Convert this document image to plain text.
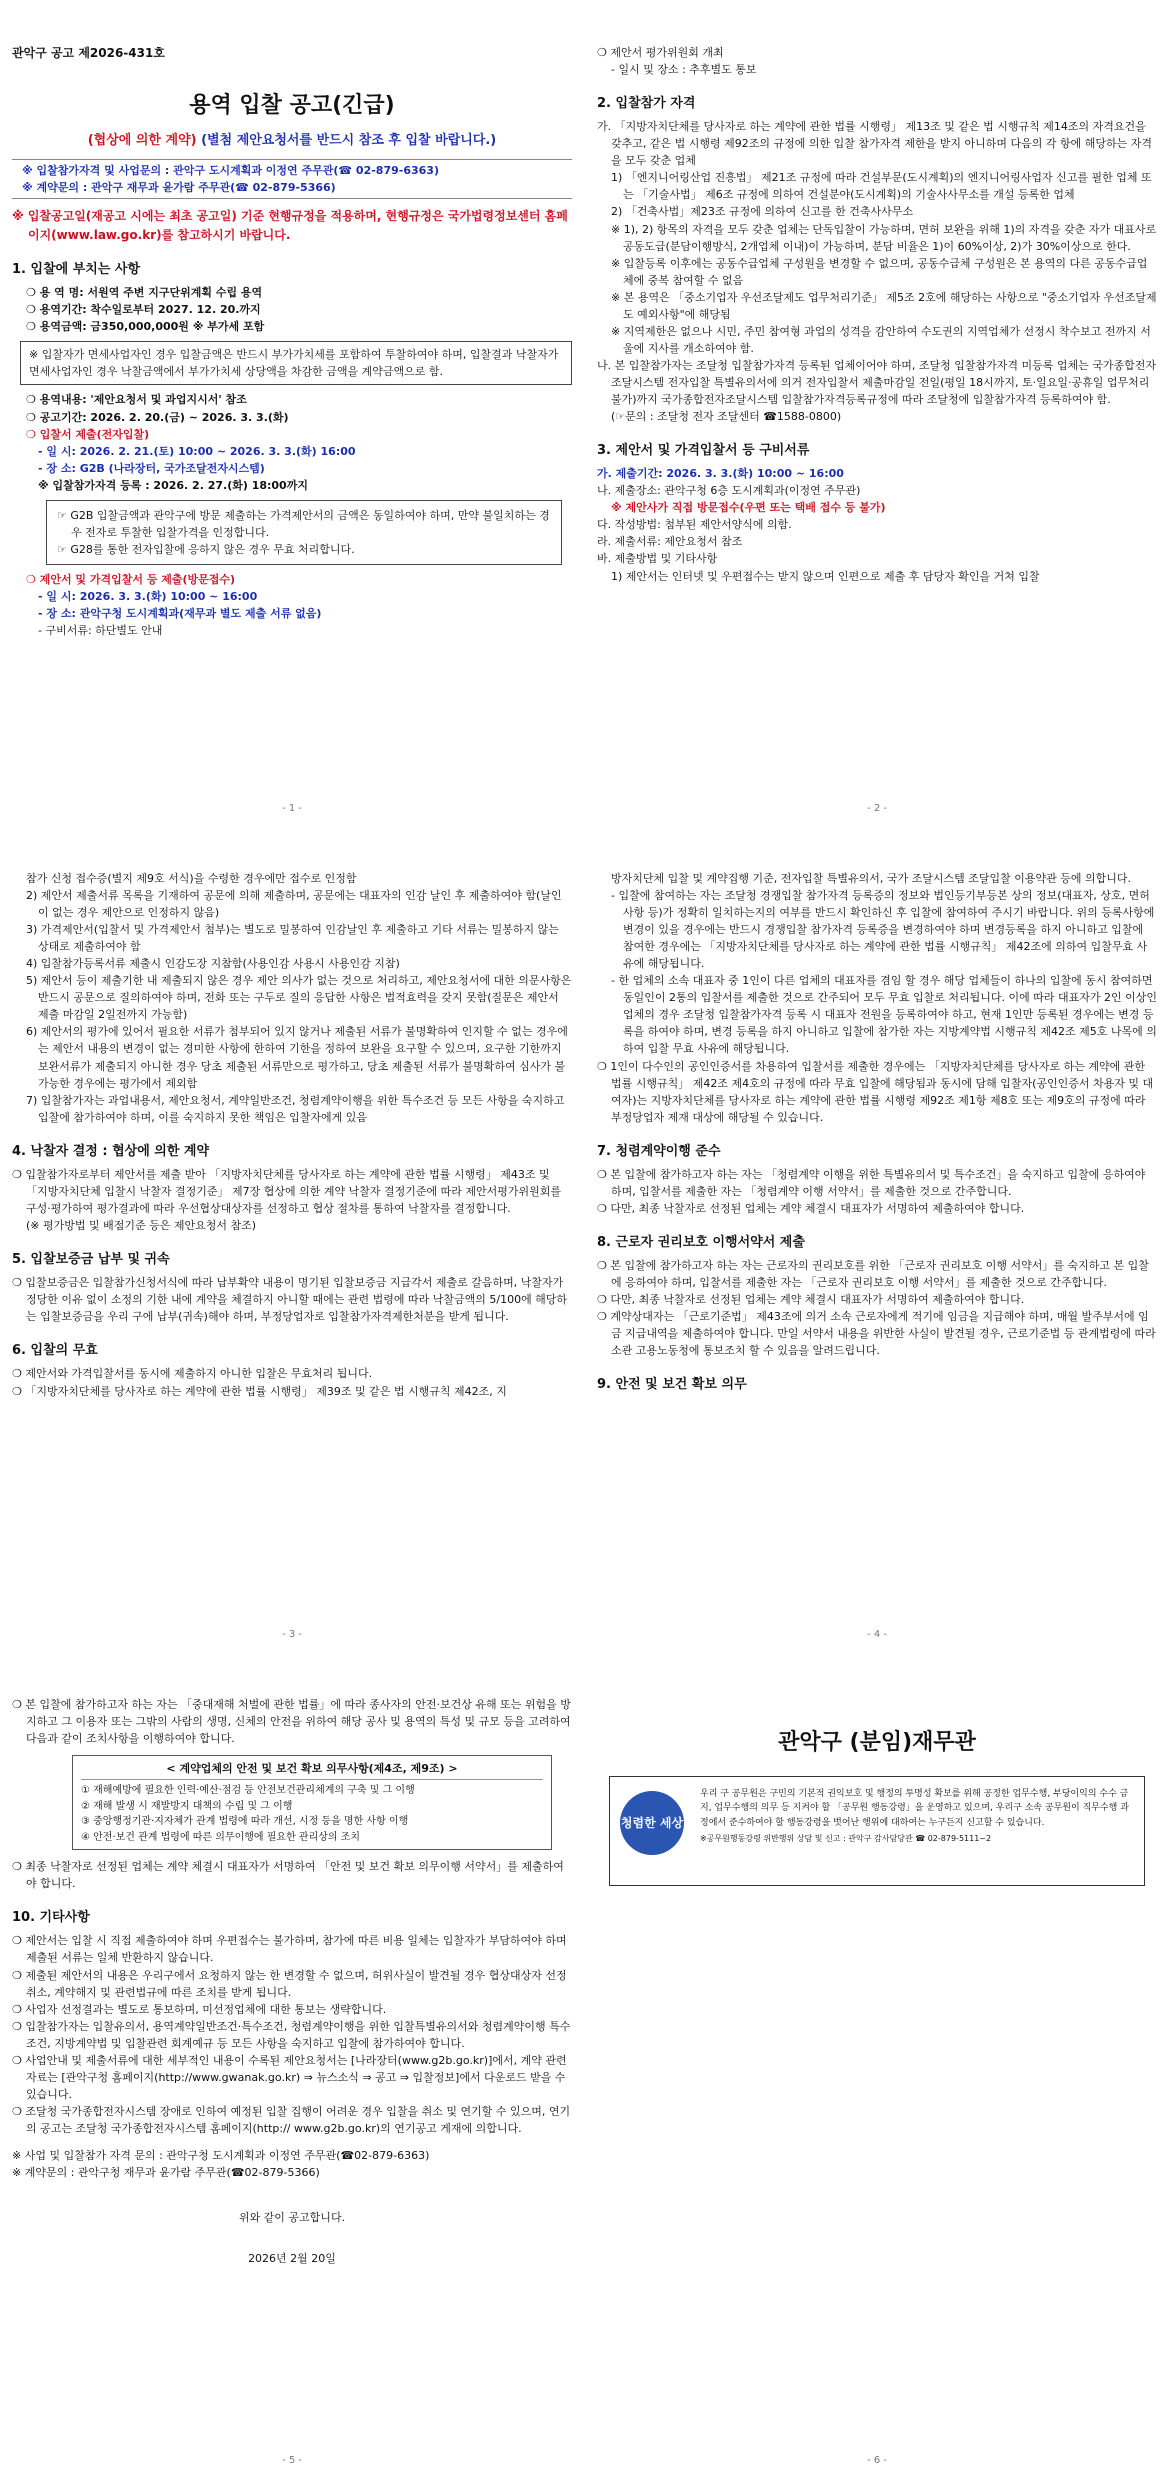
관악구 공고 제2026-431호
용역 입찰 공고(긴급)
(협상에 의한 계약) (별첨 제안요청서를 반드시 참조 후 입찰 바랍니다.)
※ 입찰참가자격 및 사업문의 : 관악구 도시계획과 이정연 주무관(☎ 02-879-6363)
※ 계약문의 : 관악구 재무과 윤가람 주무관(☎ 02-879-5366)
※ 입찰공고일(재공고 시에는 최초 공고일) 기준 현행규정을 적용하며, 현행규정은 국가법령정보센터 홈페이지(www.law.go.kr)를 참고하시기 바랍니다.
1. 입찰에 부치는 사항
❍ 용 역 명: 서원역 주변 지구단위계획 수립 용역
❍ 용역기간: 착수일로부터 2027. 12. 20.까지
❍ 용역금액: 금350,000,000원 ※ 부가세 포함
※ 입찰자가 면세사업자인 경우 입찰금액은 반드시 부가가치세를 포함하여 투찰하여야 하며, 입찰결과 낙찰자가 면세사업자인 경우 낙찰금액에서 부가가치세 상당액을 차감한 금액을 계약금액으로 함.
❍ 용역내용: '제안요청서 및 과업지시서' 참조
❍ 공고기간: 2026. 2. 20.(금) ~ 2026. 3. 3.(화)
❍ 입찰서 제출(전자입찰)
- 일 시: 2026. 2. 21.(토) 10:00 ~ 2026. 3. 3.(화) 16:00
- 장 소: G2B (나라장터, 국가조달전자시스템)
※ 입찰참가자격 등록 : 2026. 2. 27.(화) 18:00까지
☞ G2B 입찰금액과 관악구에 방문 제출하는 가격제안서의 금액은 동일하여야 하며, 만약 불일치하는 경우 전자로 투찰한 입찰가격을 인정합니다.
☞ G28를 통한 전자입찰에 응하지 않은 경우 무효 처리합니다.
❍ 제안서 및 가격입찰서 등 제출(방문접수)
- 일 시: 2026. 3. 3.(화) 10:00 ~ 16:00
- 장 소: 관악구청 도시계획과(재무과 별도 제출 서류 없음)
- 구비서류: 하단별도 안내
- 1 -
❍ 제안서 평가위원회 개최
- 일시 및 장소 : 추후별도 통보
2. 입찰참가 자격
가. 「지방자치단체를 당사자로 하는 계약에 관한 법률 시행령」 제13조 및 같은 법 시행규칙 제14조의 자격요건을 갖추고, 같은 법 시행령 제92조의 규정에 의한 입찰 참가자격 제한을 받지 아니하며 다음의 각 항에 해당하는 자격을 모두 갖춘 업체
1) 「엔지니어링산업 진흥법」 제21조 규정에 따라 건설부문(도시계획)의 엔지니어링사업자 신고를 필한 업체 또는 「기술사법」 제6조 규정에 의하여 건설분야(도시계획)의 기술사사무소를 개설 등록한 업체
2) 「건축사법」제23조 규정에 의하여 신고를 한 건축사사무소
※ 1), 2) 항목의 자격을 모두 갖춘 업체는 단독입찰이 가능하며, 면허 보완을 위해 1)의 자격을 갖춘 자가 대표사로 공동도급(분담이행방식, 2개업체 이내)이 가능하며, 분담 비율은 1)이 60%이상, 2)가 30%이상으로 한다.
※ 입찰등록 이후에는 공동수급업체 구성원을 변경할 수 없으며, 공동수급체 구성원은 본 용역의 다른 공동수급업체에 중복 참여할 수 없음
※ 본 용역은 「중소기업자 우선조달제도 업무처리기준」 제5조 2호에 해당하는 사항으로 "중소기업자 우선조달제도 예외사항"에 해당됨
※ 지역제한은 없으나 시민, 주민 참여형 과업의 성격을 감안하여 수도권의 지역업체가 선정시 착수보고 전까지 서울에 지사를 개소하여야 함.
나. 본 입찰참가자는 조달청 입찰참가자격 등록된 업체이어야 하며, 조달청 입찰참가자격 미등록 업체는 국가종합전자조달시스템 전자입찰 특별유의서에 의거 전자입찰서 제출마감일 전일(평일 18시까지, 토·일요일·공휴일 업무처리 불가)까지 국가종합전자조달시스템 입찰참가자격등록규정에 따라 조달청에 입찰참가자격 등록하여야 함.
(☞문의 : 조달청 전자 조달센터 ☎1588-0800)
3. 제안서 및 가격입찰서 등 구비서류
가. 제출기간: 2026. 3. 3.(화) 10:00 ~ 16:00
나. 제출장소: 관악구청 6층 도시계획과(이정연 주무관)
※ 제안사가 직접 방문접수(우편 또는 택배 접수 등 불가)
다. 작성방법: 첨부된 제안서양식에 의함.
라. 제출서류: 제안요청서 참조
바. 제출방법 및 기타사항
1) 제안서는 인터넷 및 우편접수는 받지 않으며 인편으로 제출 후 담당자 확인을 거쳐 입찰
- 2 -
참가 신청 접수증(별지 제9호 서식)을 수령한 경우에만 접수로 인정함
2) 제안서 제출서류 목록을 기재하여 공문에 의해 제출하며, 공문에는 대표자의 인감 날인 후 제출하여야 함(날인이 없는 경우 제안으로 인정하지 않음)
3) 가격제안서(입찰서 및 가격제안서 첨부)는 별도로 밀봉하여 인감날인 후 제출하고 기타 서류는 밀봉하지 않는 상태로 제출하여야 함
4) 입찰참가등록서류 제출시 인감도장 지참함(사용인감 사용시 사용인감 지참)
5) 제안서 등이 제출기한 내 제출되지 않은 경우 제안 의사가 없는 것으로 처리하고, 제안요청서에 대한 의문사항은 반드시 공문으로 질의하여야 하며, 전화 또는 구두로 질의 응답한 사항은 법적효력을 갖지 못함(질문은 제안서 제출 마감일 2일전까지 가능함)
6) 제안서의 평가에 있어서 필요한 서류가 첨부되어 있지 않거나 제출된 서류가 불명확하여 인지할 수 없는 경우에는 제안서 내용의 변경이 없는 경미한 사항에 한하여 기한을 정하여 보완을 요구할 수 있으며, 요구한 기한까지 보완서류가 제출되지 아니한 경우 당초 제출된 서류만으로 평가하고, 당초 제출된 서류가 불명확하여 심사가 불가능한 경우에는 평가에서 제외함
7) 입찰참가자는 과업내용서, 제안요청서, 계약일반조건, 청렴계약이행을 위한 특수조건 등 모든 사항을 숙지하고 입찰에 참가하여야 하며, 이를 숙지하지 못한 책임은 입찰자에게 있음
4. 낙찰자 결정 : 협상에 의한 계약
❍ 입찰참가자로부터 제안서를 제출 받아 「지방자치단체를 당사자로 하는 계약에 관한 법률 시행령」 제43조 및 「지방자치단체 입찰시 낙찰자 결정기준」 제7장 협상에 의한 계약 낙찰자 결정기준에 따라 제안서평가위원회를 구성·평가하여 평가결과에 따라 우선협상대상자를 선정하고 협상 절차를 통하여 낙찰자를 결정합니다.
(※ 평가방법 및 배점기준 등은 제안요청서 참조)
5. 입찰보증금 납부 및 귀속
❍ 입찰보증금은 입찰참가신청서식에 따라 납부확약 내용이 명기된 입찰보증금 지급각서 제출로 갈음하며, 낙찰자가 정당한 이유 없이 소정의 기한 내에 계약을 체결하지 아니할 때에는 관련 법령에 따라 낙찰금액의 5/100에 해당하는 입찰보증금을 우리 구에 납부(귀속)해야 하며, 부정당업자로 입찰참가자격제한처분을 받게 됩니다.
6. 입찰의 무효
❍ 제안서와 가격입찰서를 동시에 제출하지 아니한 입찰은 무효처리 됩니다.
❍ 「지방자치단체를 당사자로 하는 계약에 관한 법률 시행령」 제39조 및 같은 법 시행규칙 제42조, 지
- 3 -
방자치단체 입찰 및 계약집행 기준, 전자입찰 특별유의서, 국가 조달시스템 조달입찰 이용약관 등에 의합니다.
- 입찰에 참여하는 자는 조달청 경쟁입찰 참가자격 등록증의 정보와 법인등기부등본 상의 정보(대표자, 상호, 면허사항 등)가 정확히 일치하는지의 여부를 반드시 확인하신 후 입찰에 참여하여 주시기 바랍니다. 위의 등록사항에 변경이 있을 경우에는 반드시 경쟁입찰 참가자격 등록증을 변경하여야 하며 변경등록을 하지 아니하고 입찰에 참여한 경우에는 「지방자치단체를 당사자로 하는 계약에 관한 법률 시행규칙」 제42조에 의하여 입찰무효 사유에 해당됩니다.
- 한 업체의 소속 대표자 중 1인이 다른 업체의 대표자를 겸임 할 경우 해당 업체들이 하나의 입찰에 동시 참여하면 동일인이 2통의 입찰서를 제출한 것으로 간주되어 모두 무효 입찰로 처리됩니다. 이에 따라 대표자가 2인 이상인 업체의 경우 조달청 입찰참가자격 등록 시 대표자 전원을 등록하여야 하고, 현재 1인만 등록된 경우에는 변경 등록을 하여야 하며, 변경 등록을 하지 아니하고 입찰에 참가한 자는 지방계약법 시행규칙 제42조 제5호 나목에 의하여 입찰 무효 사유에 해당됩니다.
❍ 1인이 다수인의 공인인증서를 차용하여 입찰서를 제출한 경우에는 「지방자치단체를 당사자로 하는 계약에 관한 법률 시행규칙」 제42조 제4호의 규정에 따라 무효 입찰에 해당됨과 동시에 담해 입찰자(공인인증서 차용자 및 대여자)는 지방자치단체를 당사자로 하는 계약에 관한 법률 시행령 제92조 제1항 제8호 또는 제9호의 규정에 따라 부정당업자 제재 대상에 해당될 수 있습니다.
7. 청렴계약이행 준수
❍ 본 입찰에 참가하고자 하는 자는 「청렴계약 이행을 위한 특별유의서 및 특수조건」을 숙지하고 입찰에 응하여야 하며, 입찰서를 제출한 자는 「청렴계약 이행 서약서」를 제출한 것으로 간주합니다.
❍ 다만, 최종 낙찰자로 선정된 업체는 계약 체결시 대표자가 서명하여 제출하여야 합니다.
8. 근로자 권리보호 이행서약서 제출
❍ 본 입찰에 참가하고자 하는 자는 근로자의 권리보호를 위한 「근로자 권리보호 이행 서약서」를 숙지하고 본 입찰에 응하여야 하며, 입찰서를 제출한 자는 「근로자 권리보호 이행 서약서」를 제출한 것으로 간주합니다.
❍ 다만, 최종 낙찰자로 선정된 업체는 계약 체결시 대표자가 서명하여 제출하여야 합니다.
❍ 계약상대자는 「근로기준법」 제43조에 의거 소속 근로자에게 적기에 임금을 지급해야 하며, 매월 발주부서에 임금 지급내역을 제출하여야 합니다. 만일 서약서 내용을 위반한 사실이 발견될 경우, 근로기준법 등 관계법령에 따라 소관 고용노동청에 통보조치 할 수 있음을 알려드립니다.
9. 안전 및 보건 확보 의무
- 4 -
❍ 본 입찰에 참가하고자 하는 자는 「중대재해 처벌에 관한 법률」에 따라 종사자의 안전·보건상 유해 또는 위험을 방지하고 그 이용자 또는 그밖의 사람의 생명, 신체의 안전을 위하여 해당 공사 및 용역의 특성 및 규모 등을 고려하여 다음과 같이 조치사항을 이행하여야 합니다.
< 계약업체의 안전 및 보건 확보 의무사항(제4조, 제9조) >
① 재해예방에 필요한 인력·예산·점검 등 안전보건관리체계의 구축 및 그 이행
② 재해 발생 시 재발방지 대책의 수립 및 그 이행
③ 중앙행정기관·지자체가 관계 법령에 따라 개선, 시정 등을 명한 사항 이행
④ 안전·보건 관계 법령에 따른 의무이행에 필요한 관리상의 조치
❍ 최종 낙찰자로 선정된 업체는 계약 체결시 대표자가 서명하여 「안전 및 보건 확보 의무이행 서약서」를 제출하여야 합니다.
10. 기타사항
❍ 제안서는 입찰 시 직접 제출하여야 하며 우편접수는 불가하며, 참가에 따른 비용 일체는 입찰자가 부담하여야 하며 제출된 서류는 일체 반환하지 않습니다.
❍ 제출된 제안서의 내용은 우리구에서 요청하지 않는 한 변경할 수 없으며, 허위사실이 발견될 경우 협상대상자 선정취소, 계약해지 및 관련법규에 따른 조치를 받게 됩니다.
❍ 사업자 선정결과는 별도로 통보하며, 미선정업체에 대한 통보는 생략합니다.
❍ 입찰참가자는 입찰유의서, 용역계약일반조건·특수조건, 청렴계약이행을 위한 입찰특별유의서와 청렴계약이행 특수조건, 지방계약법 및 입찰관련 회계예규 등 모든 사항을 숙지하고 입찰에 참가하여야 합니다.
❍ 사업안내 및 제출서류에 대한 세부적인 내용이 수록된 제안요청서는 [나라장터(www.g2b.go.kr)]에서, 계약 관련 자료는 [관악구청 홈페이지(http://www.gwanak.go.kr) ⇒ 뉴스소식 ⇒ 공고 ⇒ 입찰정보]에서 다운로드 받을 수 있습니다.
❍ 조달청 국가종합전자시스템 장애로 인하여 예정된 입찰 집행이 어려운 경우 입찰을 취소 및 연기할 수 있으며, 연기의 공고는 조달청 국가종합전자시스템 홈페이지(http:// www.g2b.go.kr)의 연기공고 게재에 의합니다.
※ 사업 및 입찰참가 자격 문의 : 관악구청 도시계획과 이정연 주무관(☎02-879-6363)
※ 계약문의 : 관악구청 재무과 윤가람 주무관(☎02-879-5366)
위와 같이 공고합니다.
2026년 2월 20일
- 5 -
관악구 (분임)재무관
청렴한 세상
우리 구 공무원은 구민의 기본적 권익보호 및 행정의 투명성 확보를 위해 공정한 업무수행, 부당이익의 수수 금지, 업무수행의 의무 등 지켜야 할 「공무원 행동강령」을 운영하고 있으며, 우리구 소속 공무원이 직무수행 과정에서 준수하여야 할 행동강령을 벗어난 행위에 대하여는 누구든지 신고할 수 있습니다.
※공무원행동강령 위반행위 상담 및 신고 : 관악구 감사담당관 ☎ 02-879-5111~2
- 6 -
